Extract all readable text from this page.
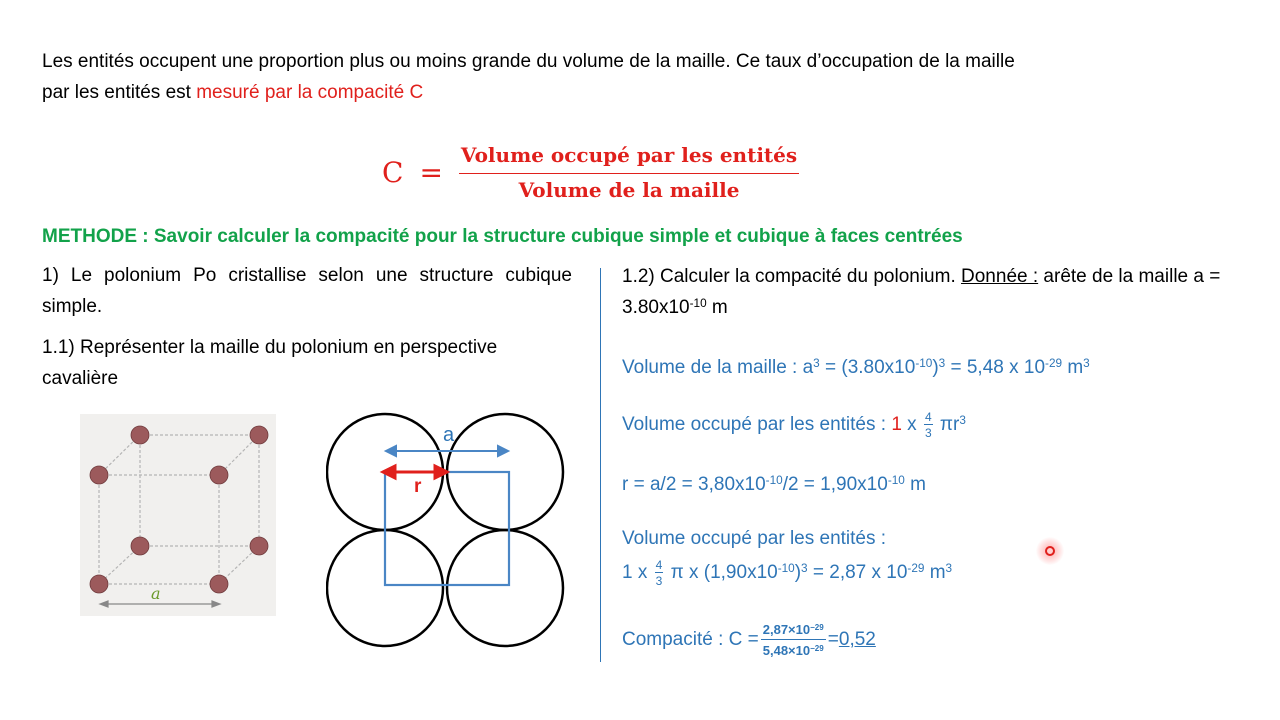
Les entités occupent une proportion plus ou moins grande du volume de la maille. Ce taux d’occupation de la maille
par les entités est mesuré par la compacité C
$C = \frac{\text{Volume occupé par les entités}}{\text{Volume de la maille}}$
METHODE : Savoir calculer la compacité pour la structure cubique simple et cubique à faces centrées
1) Le polonium Po cristallise selon une structure cubique simple.
1.1) Représenter la maille du polonium en perspective cavalière
a
a
r
1.2) Calculer la compacité du polonium. Donnée : arête de la maille $a = 3.80x10^{-10}$ m
Volume de la maille : $a^3 = (3.80x10^{-10})^3 = 5,48$ x $10^{-29}$ $m^3$
Volume occupé par les entités : 1 x $\frac{4}{3} \pi r^3$
$r = a/2 = 3,80x10^{-10}/2 = 1,90x10^{-10}$ m
Volume occupé par les entités :
1 x $\frac{4}{3}$ π x $(1,90x10^{-10})^3 = 2,87$ x $10^{-29}$ $m^3$
Compacité : $C = \frac{2,87\times 10^{-29}}{5,48\times 10^{-29}} = 0,52$
